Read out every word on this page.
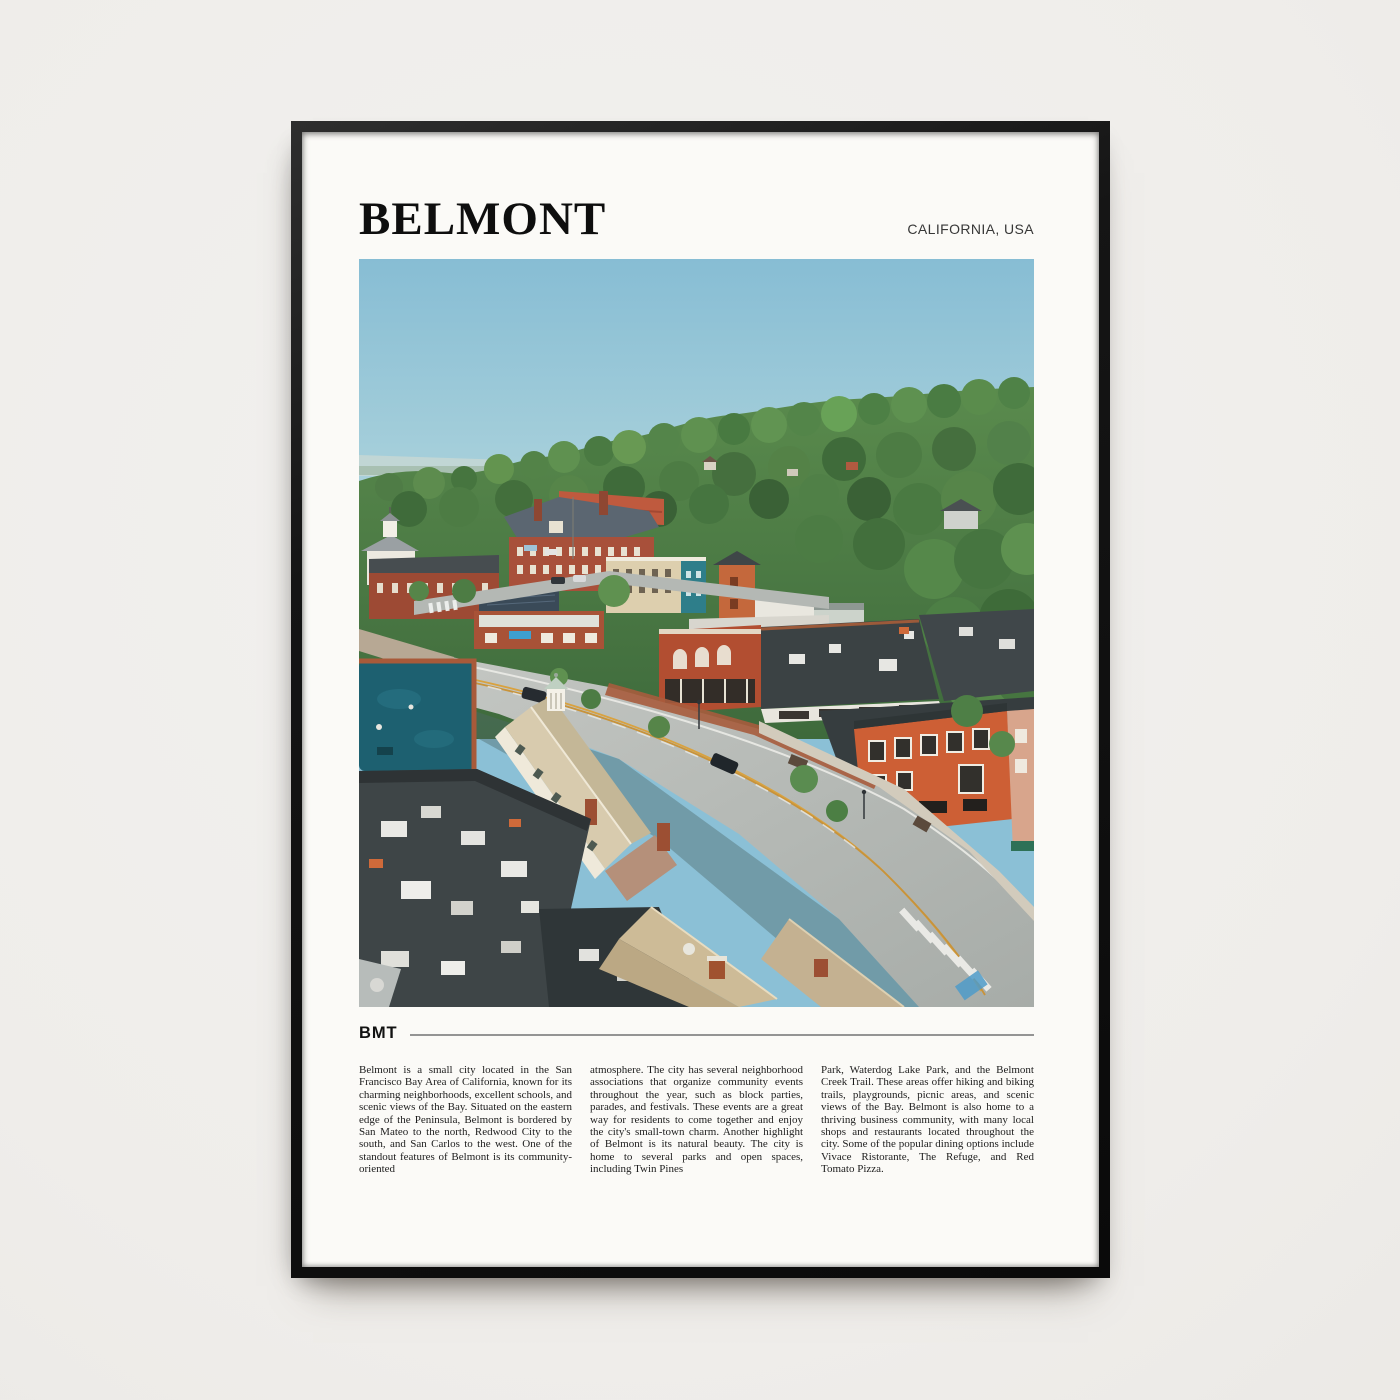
BELMONT	CALIFORNIA, USA
BMT

Belmont is a small city located in the San Francisco Bay Area of California, known for its charming neighborhoods, excellent schools, and scenic views of the Bay. Situated on the eastern edge of the Peninsula, Belmont is bordered by San Mateo to the north, Redwood City to the south, and San Carlos to the west. One of the standout features of Belmont is its community-oriented

atmosphere. The city has several neighborhood associations that organize community events throughout the year, such as block parties, parades, and festivals. These events are a great way for residents to come together and enjoy the city's small-town charm. Another highlight of Belmont is its natural beauty. The city is home to several parks and open spaces, including Twin Pines

Park, Waterdog Lake Park, and the Belmont Creek Trail. These areas offer hiking and biking trails, playgrounds, picnic areas, and scenic views of the Bay. Belmont is also home to a thriving business community, with many local shops and restaurants located throughout the city. Some of the popular dining options include Vivace Ristorante, The Refuge, and Red Tomato Pizza.
